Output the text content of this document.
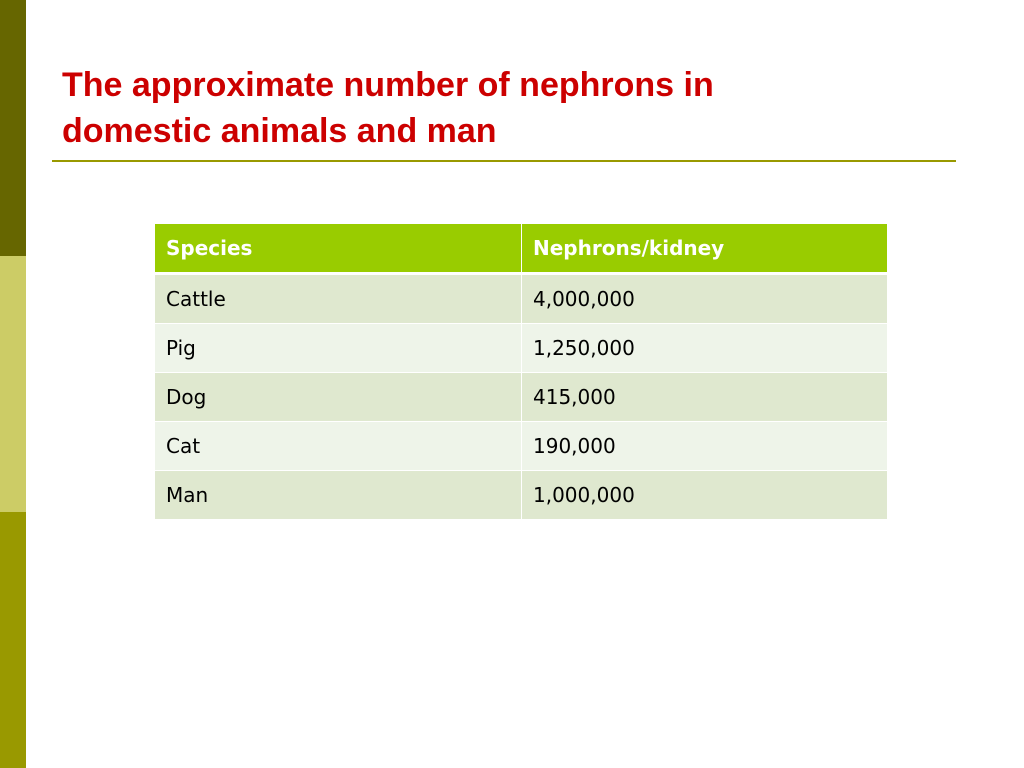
The approximate number of nephrons in
domestic animals and man
Species	Nephrons/kidney
Cattle	4,000,000
Pig	1,250,000
Dog	415,000
Cat	190,000
Man	1,000,000
